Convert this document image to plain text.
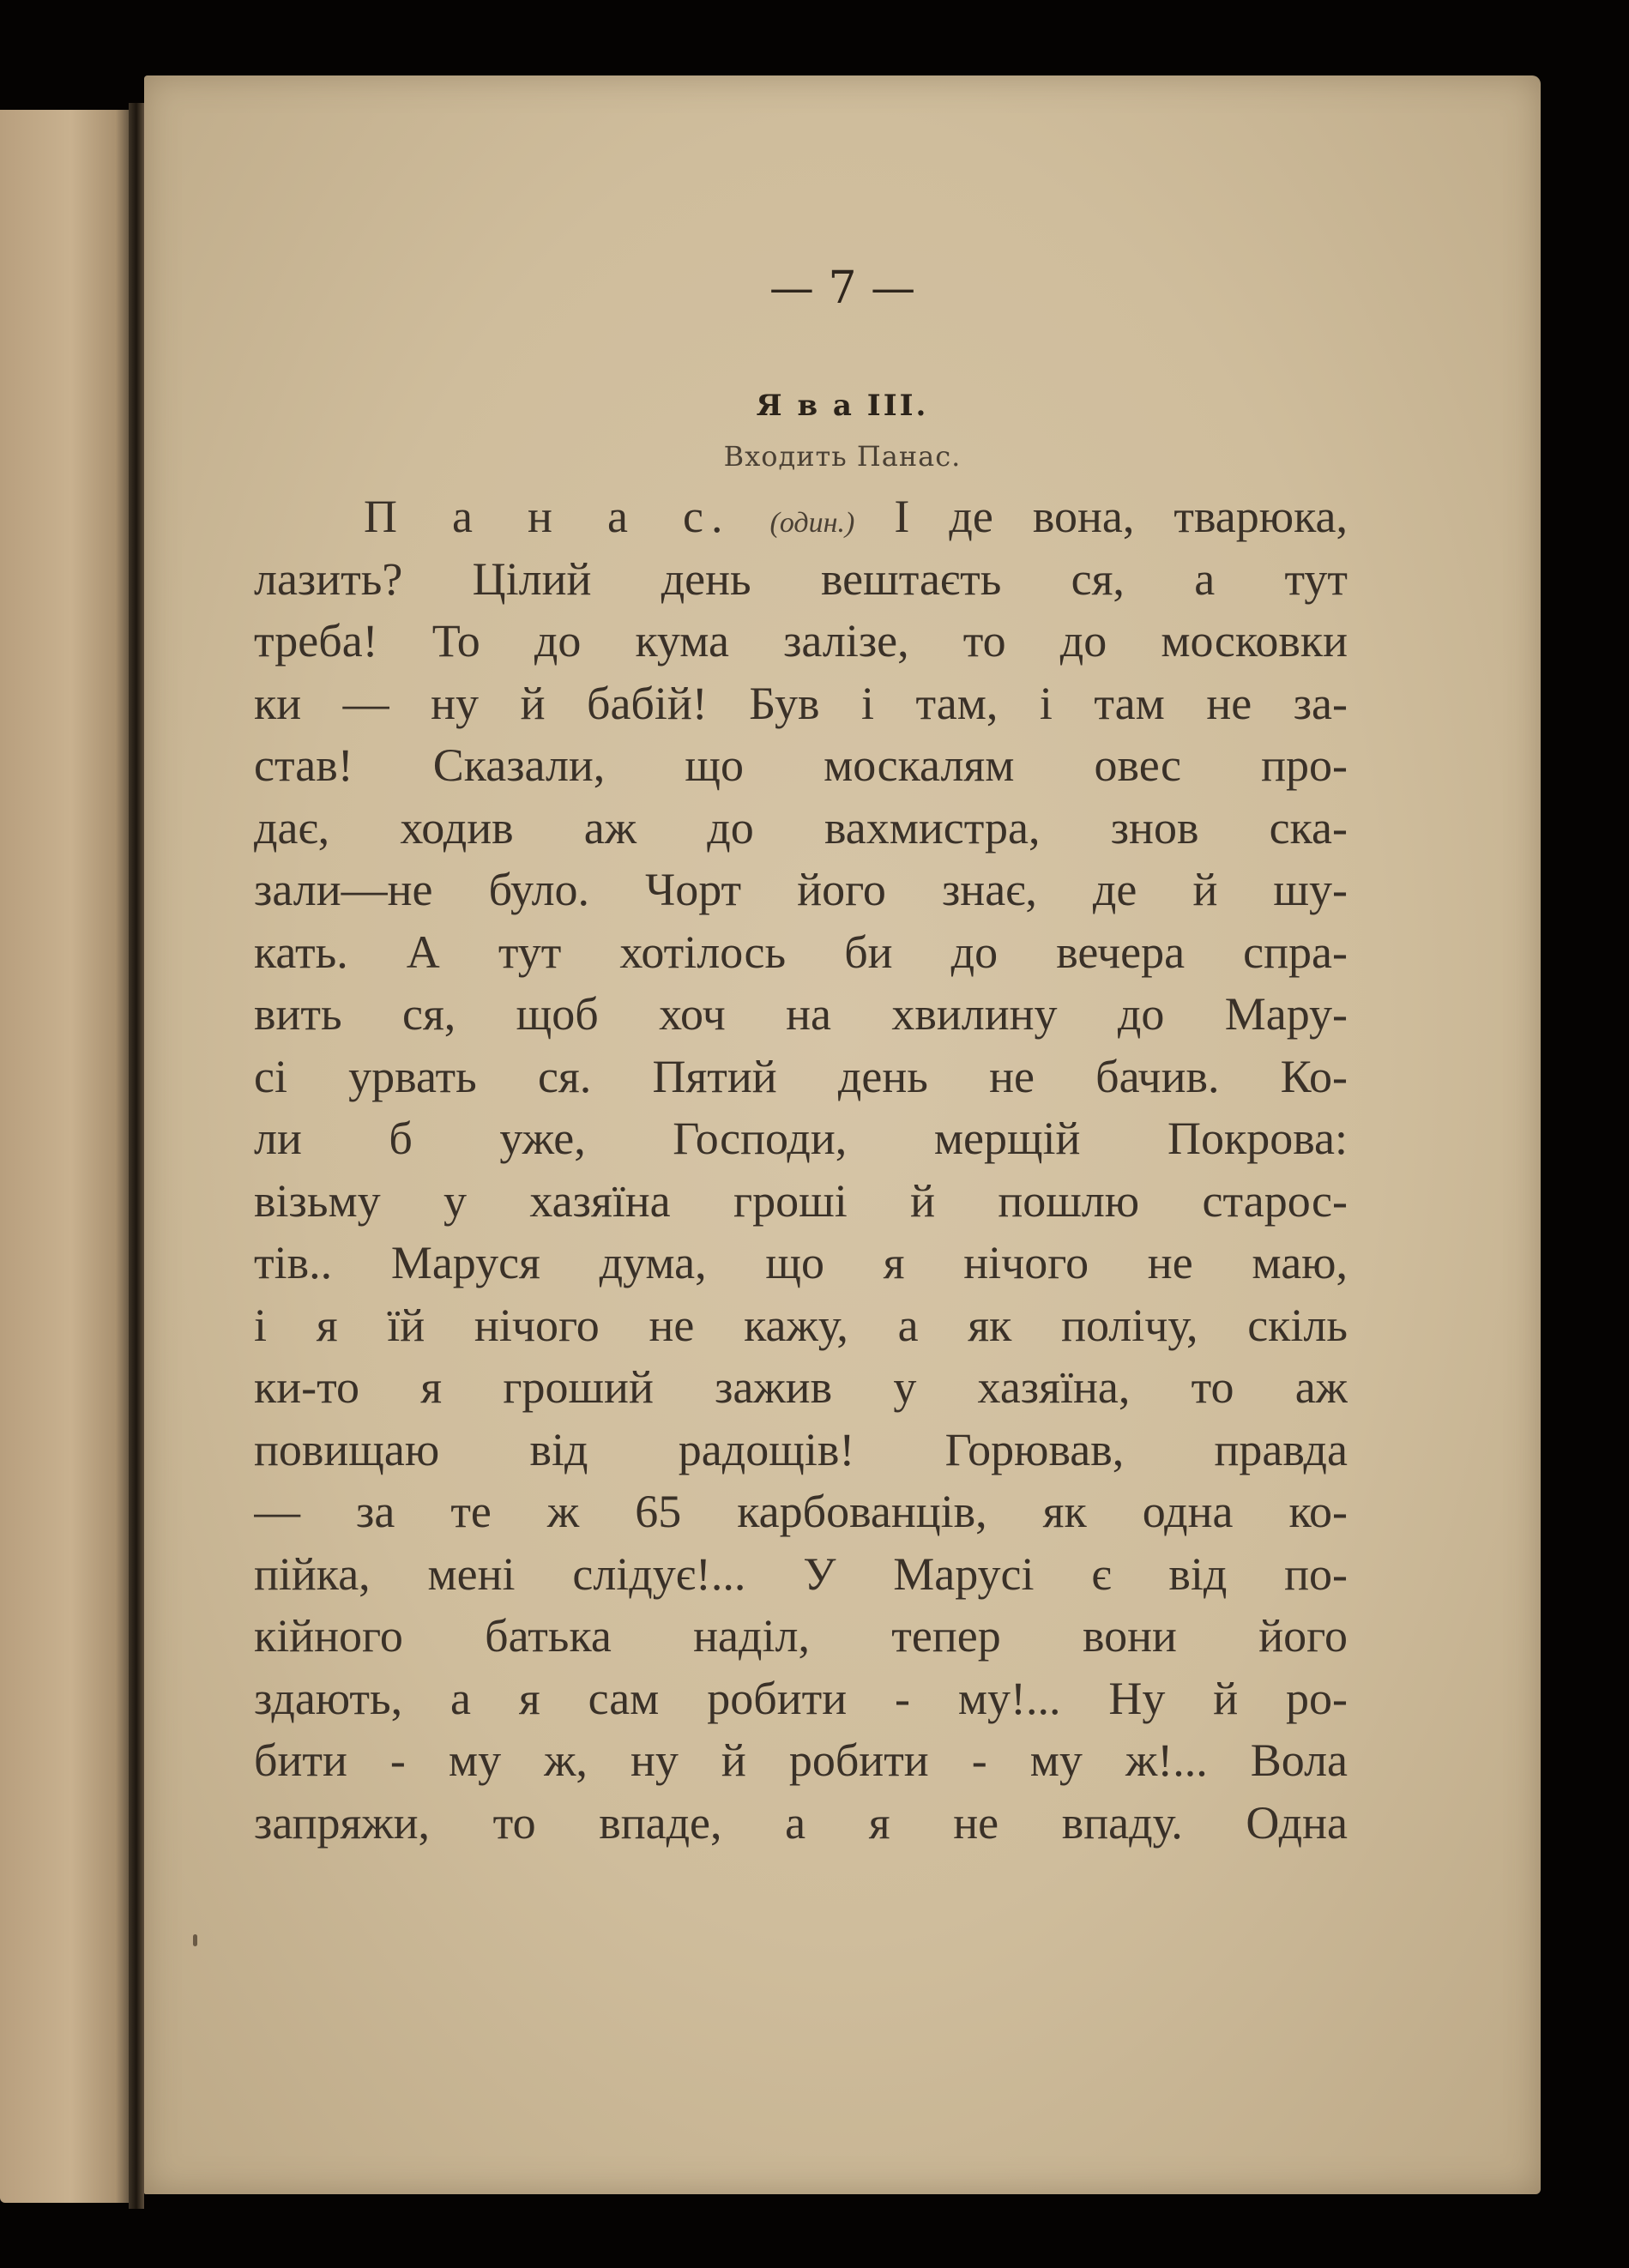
— 7 —
Я в а III.
Входить Панас.
П а н а с. (один.) І де вона, тварюка,
лазить? Цілий день вештаєть ся, а тут
треба! То до кума залізе, то до московки
ки — ну й бабій! Був і там, і там не за-
став! Сказали, що москалям овес про-
дає, ходив аж до вахмистра, знов ска-
зали—не було. Чорт його знає, де й шу-
кать. А тут хотілось би до вечера спра-
вить ся, щоб хоч на хвилину до Мару-
сі урвать ся. Пятий день не бачив. Ко-
ли б уже, Господи, мерщій Покрова:
візьму у хазяїна гроші й пошлю старос-
тів.. Маруся дума, що я нічого не маю,
і я їй нічого не кажу, а як полічу, скіль
ки-то я гроший зажив у хазяїна, то аж
повищаю від радощів! Горював, правда
— за те ж 65 карбованців, як одна ко-
пійка, мені слідує!... У Марусі є від по-
кійного батька наділ, тепер вони його
здають, а я сам робити - му!... Ну й ро-
бити - му ж, ну й робити - му ж!... Вола
запряжи, то впаде, а я не впаду. Одна
